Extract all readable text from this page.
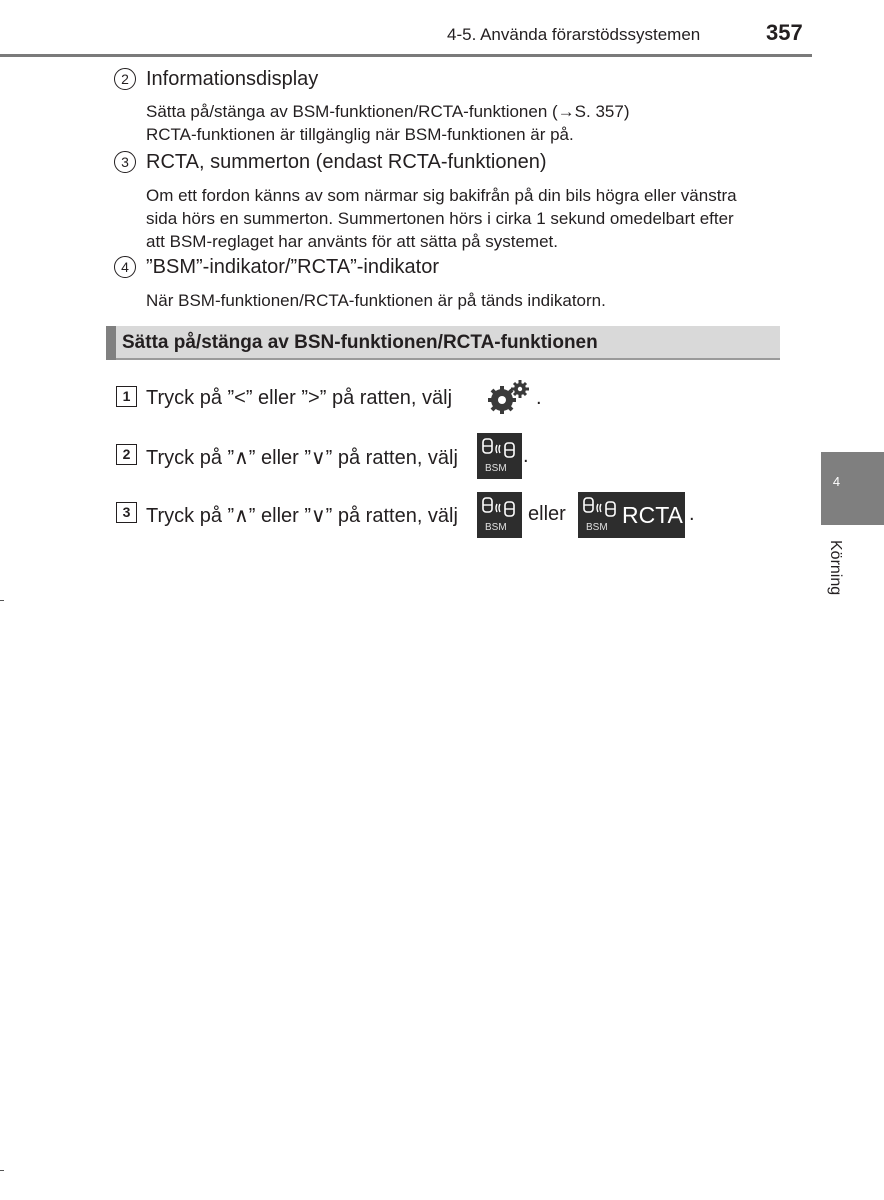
4-5. Använda förarstödssystemen	357
2 Informationsdisplay
Sätta på/stänga av BSM-funktionen/RCTA-funktionen (→S. 357)
RCTA-funktionen är tillgänglig när BSM-funktionen är på.
3 RCTA, summerton (endast RCTA-funktionen)
Om ett fordon känns av som närmar sig bakifrån på din bils högra eller vänstra
sida hörs en summerton. Summertonen hörs i cirka 1 sekund omedelbart efter
att BSM-reglaget har använts för att sätta på systemet.
4 ”BSM”-indikator/”RCTA”-indikator
När BSM-funktionen/RCTA-funktionen är på tänds indikatorn.
Sätta på/stänga av BSN-funktionen/RCTA-funktionen
1 Tryck på ”<” eller ”>” på ratten, välj	.
2 Tryck på ”∧” eller ”∨” på ratten, välj	BSM
.
3 Tryck på ”∧” eller ”∨” på ratten, välj
BSM
eller
BSM RCTA .
4
Körning
